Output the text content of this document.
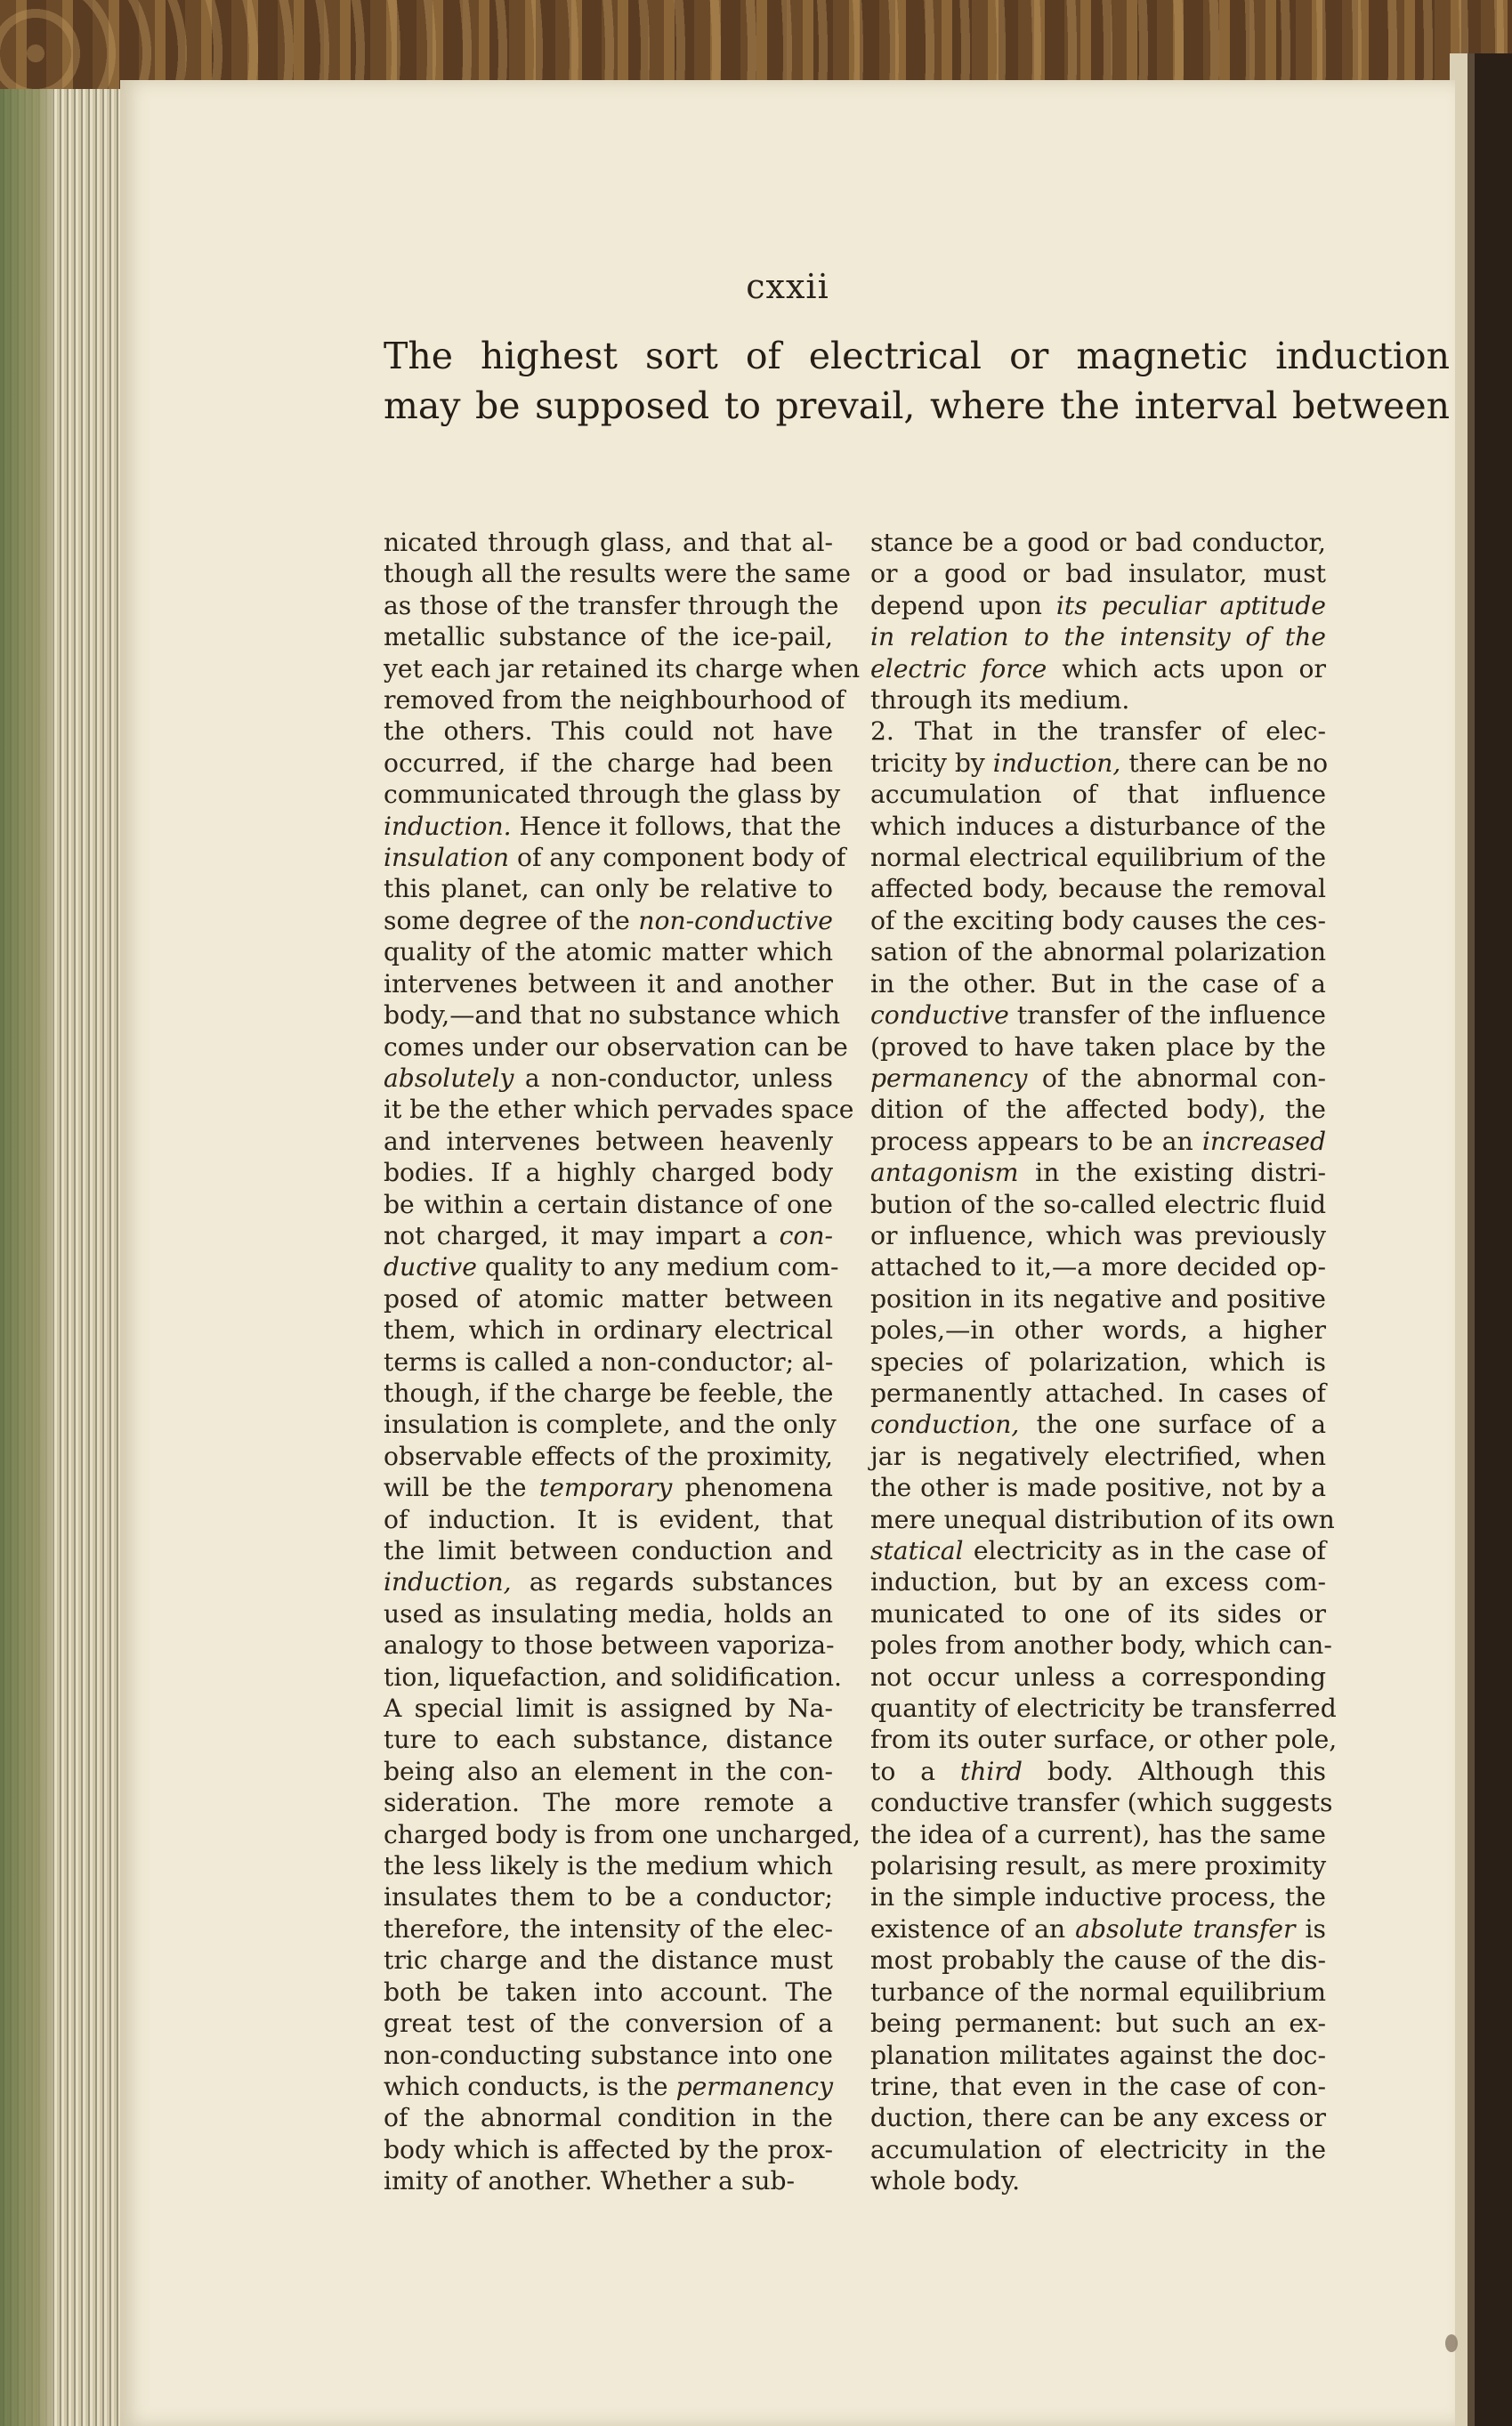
cxxii
The highest sort of electrical or magnetic induction
may be supposed to prevail, where the interval between
nicated through glass, and that al-
though all the results were the same
as those of the transfer through the
metallic substance of the ice-pail,
yet each jar retained its charge when
removed from the neighbourhood of
the others. This could not have
occurred, if the charge had been
communicated through the glass by
induction. Hence it follows, that the
insulation of any component body of
this planet, can only be relative to
some degree of the non-conductive
quality of the atomic matter which
intervenes between it and another
body,—and that no substance which
comes under our observation can be
absolutely a non-conductor, unless
it be the ether which pervades space
and intervenes between heavenly
bodies. If a highly charged body
be within a certain distance of one
not charged, it may impart a con-
ductive quality to any medium com-
posed of atomic matter between
them, which in ordinary electrical
terms is called a non-conductor; al-
though, if the charge be feeble, the
insulation is complete, and the only
observable effects of the proximity,
will be the temporary phenomena
of induction. It is evident, that
the limit between conduction and
induction, as regards substances
used as insulating media, holds an
analogy to those between vaporiza-
tion, liquefaction, and solidification.
A special limit is assigned by Na-
ture to each substance, distance
being also an element in the con-
sideration. The more remote a
charged body is from one uncharged,
the less likely is the medium which
insulates them to be a conductor;
therefore, the intensity of the elec-
tric charge and the distance must
both be taken into account. The
great test of the conversion of a
non-conducting substance into one
which conducts, is the permanency
of the abnormal condition in the
body which is affected by the prox-
imity of another. Whether a sub-
stance be a good or bad conductor,
or a good or bad insulator, must
depend upon its peculiar aptitude
in relation to the intensity of the
electric force which acts upon or
through its medium.
2. That in the transfer of elec-
tricity by induction, there can be no
accumulation of that influence
which induces a disturbance of the
normal electrical equilibrium of the
affected body, because the removal
of the exciting body causes the ces-
sation of the abnormal polarization
in the other. But in the case of a
conductive transfer of the influence
(proved to have taken place by the
permanency of the abnormal con-
dition of the affected body), the
process appears to be an increased
antagonism in the existing distri-
bution of the so-called electric fluid
or influence, which was previously
attached to it,—a more decided op-
position in its negative and positive
poles,—in other words, a higher
species of polarization, which is
permanently attached. In cases of
conduction, the one surface of a
jar is negatively electrified, when
the other is made positive, not by a
mere unequal distribution of its own
statical electricity as in the case of
induction, but by an excess com-
municated to one of its sides or
poles from another body, which can-
not occur unless a corresponding
quantity of electricity be transferred
from its outer surface, or other pole,
to a third body. Although this
conductive transfer (which suggests
the idea of a current), has the same
polarising result, as mere proximity
in the simple inductive process, the
existence of an absolute transfer is
most probably the cause of the dis-
turbance of the normal equilibrium
being permanent: but such an ex-
planation militates against the doc-
trine, that even in the case of con-
duction, there can be any excess or
accumulation of electricity in the
whole body.
